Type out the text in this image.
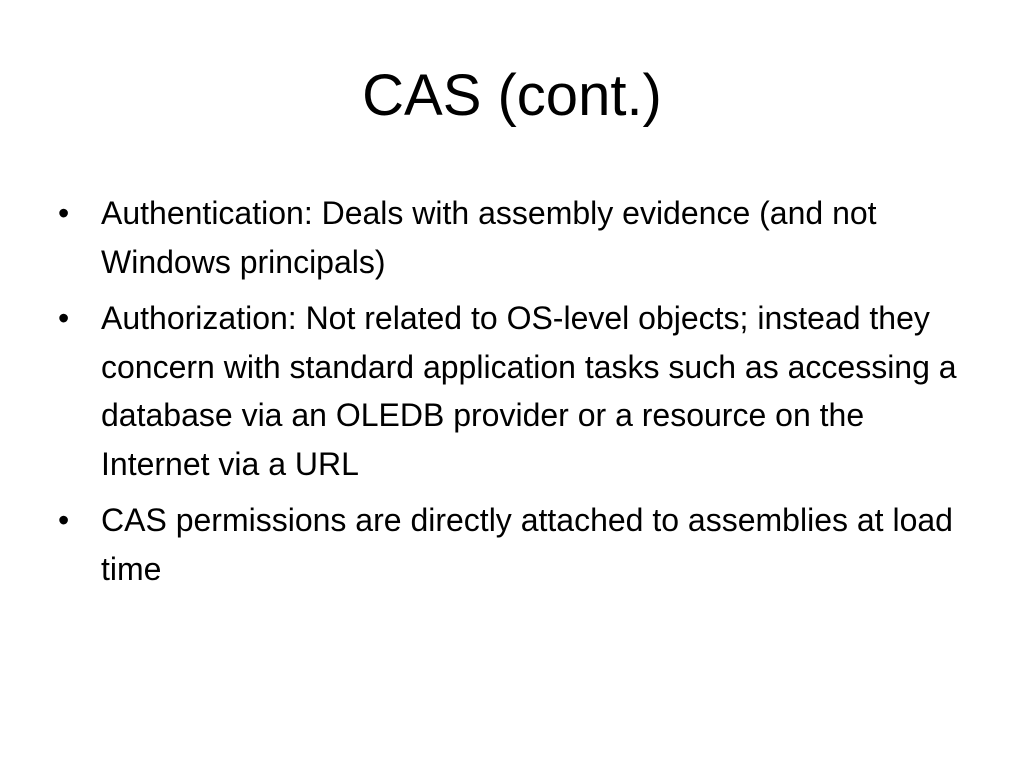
CAS (cont.)
• Authentication: Deals with assembly evidence (and not Windows principals)
• Authorization: Not related to OS-level objects; instead they concern with standard application tasks such as accessing a database via an OLEDB provider or a resource on the Internet via a URL
• CAS permissions are directly attached to assemblies at load time
